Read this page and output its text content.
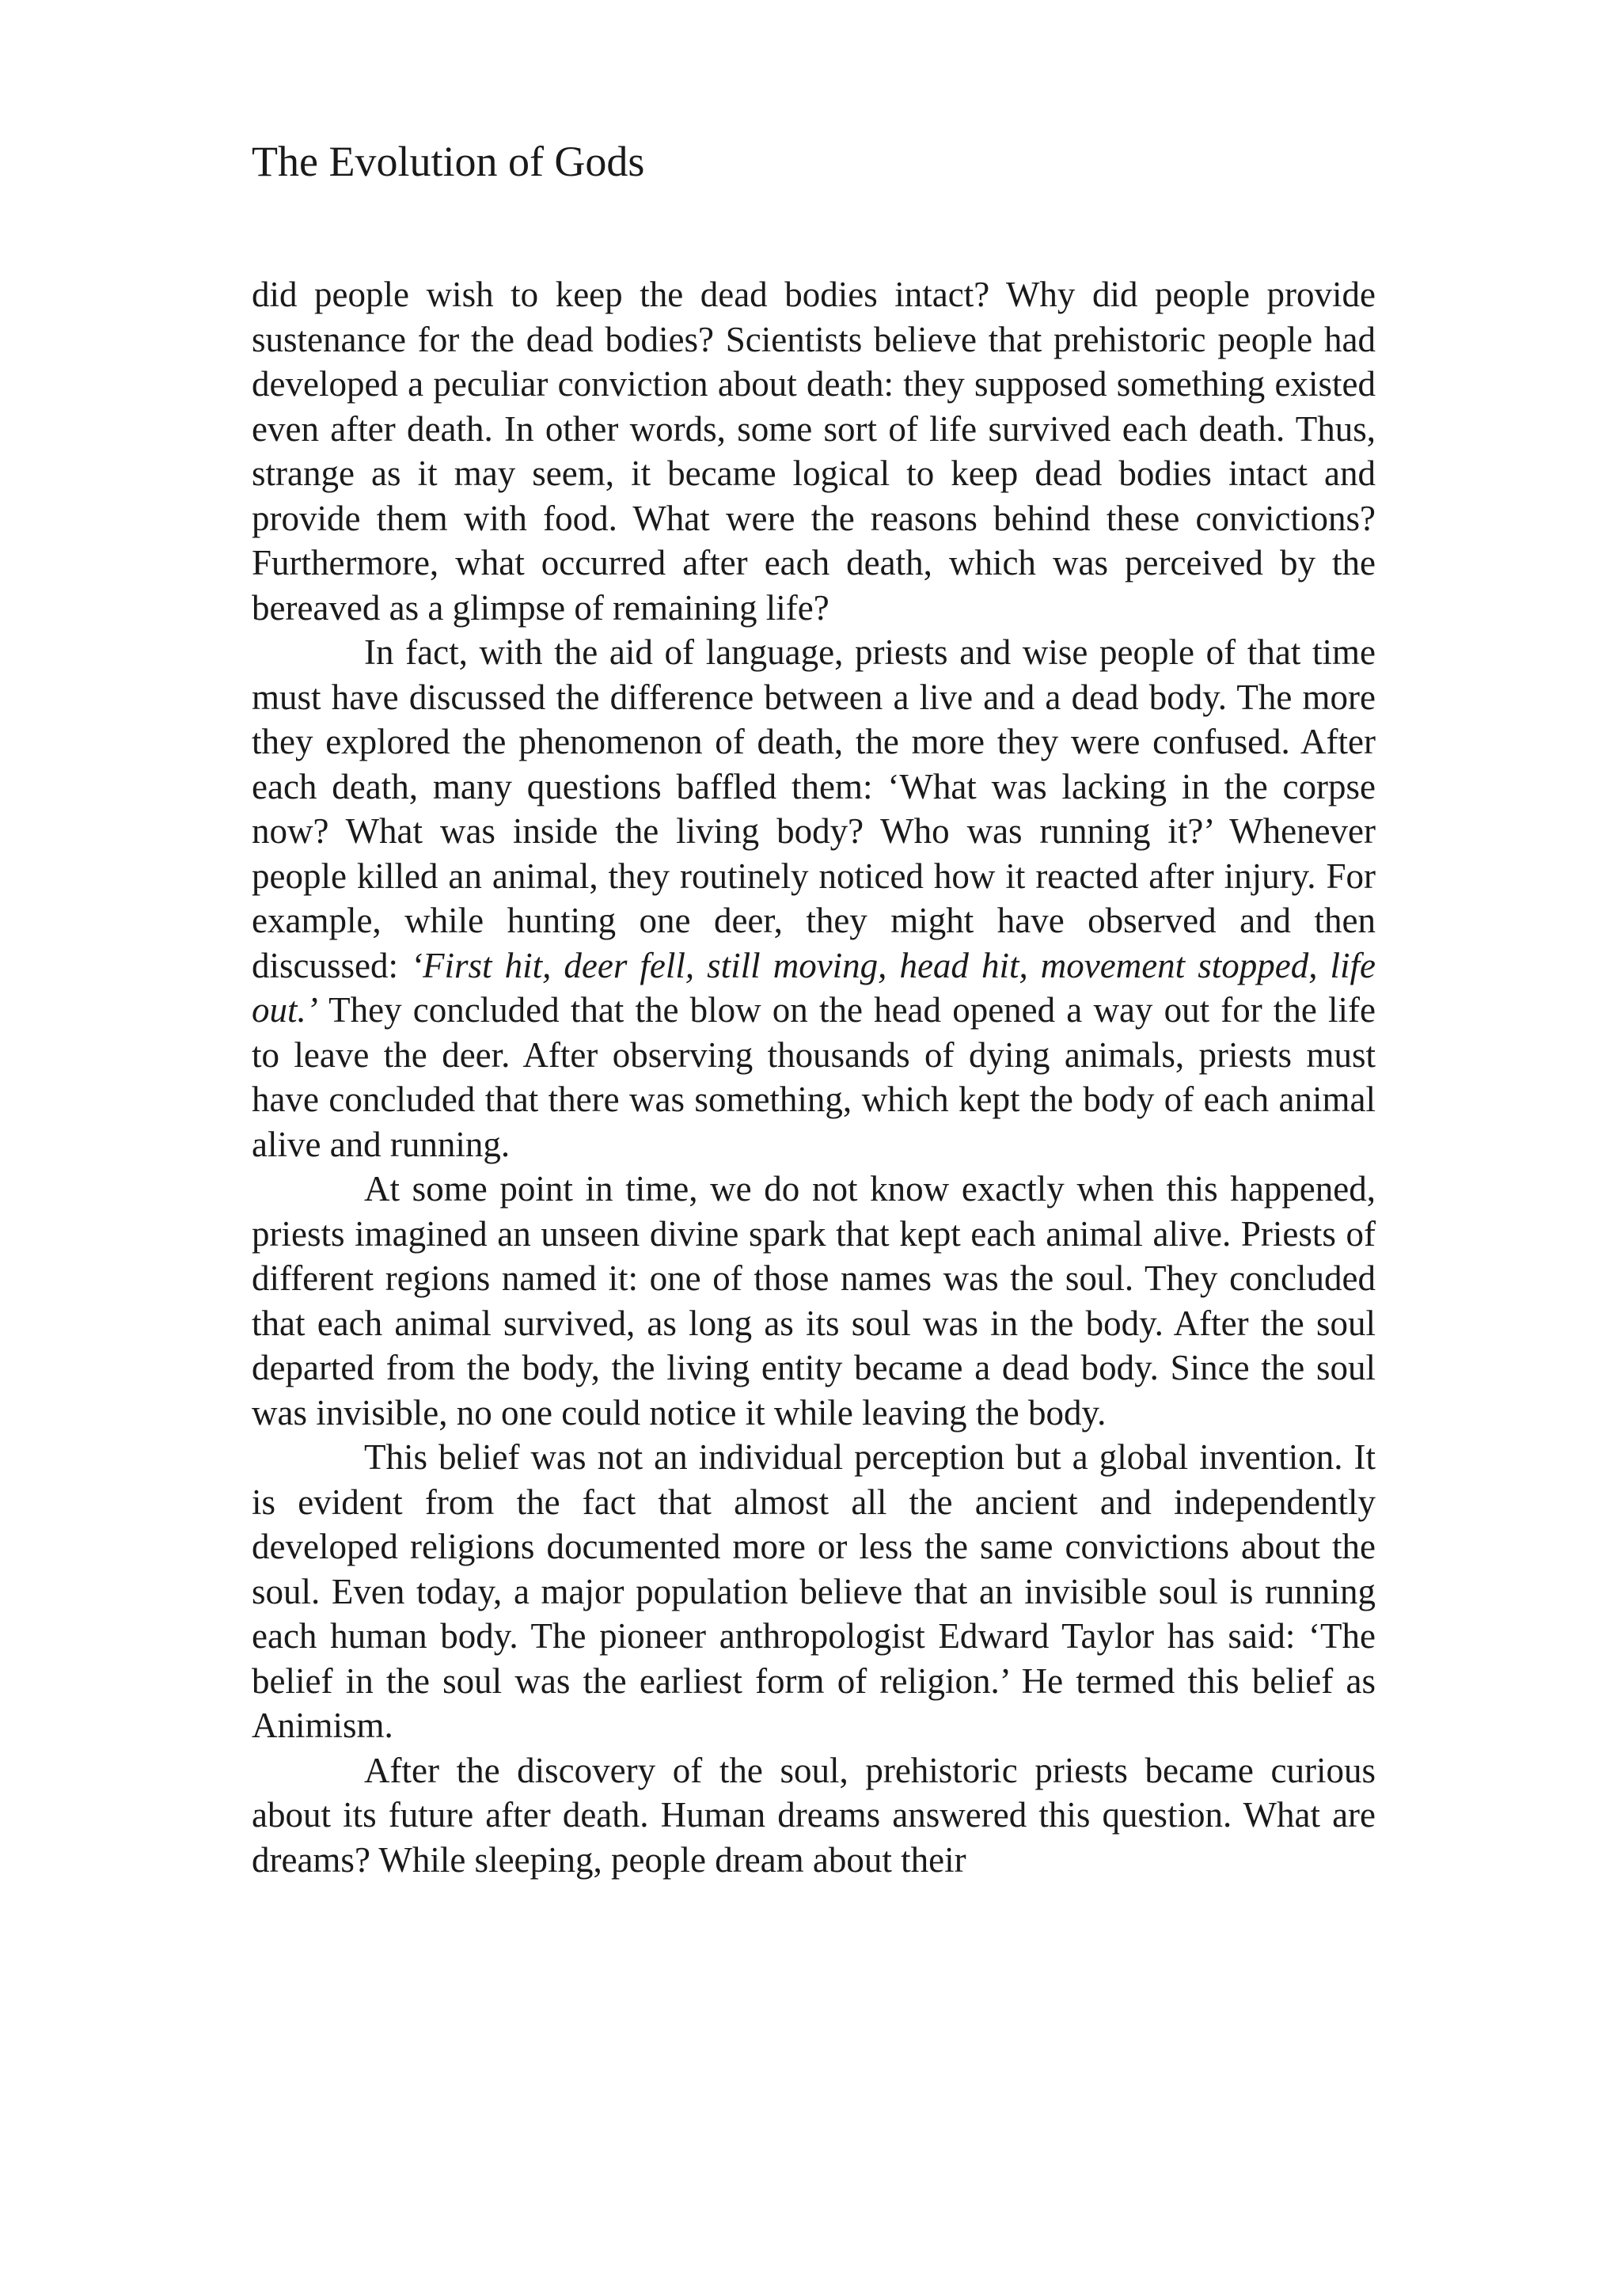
The Evolution of Gods

did people wish to keep the dead bodies intact? Why did people provide sustenance for the dead bodies? Scientists believe that prehistoric people had developed a peculiar conviction about death: they supposed something existed even after death. In other words, some sort of life survived each death. Thus, strange as it may seem, it became logical to keep dead bodies intact and provide them with food. What were the reasons behind these convictions? Furthermore, what occurred after each death, which was perceived by the bereaved as a glimpse of remaining life?

In fact, with the aid of language, priests and wise people of that time must have discussed the difference between a live and a dead body. The more they explored the phenomenon of death, the more they were confused. After each death, many questions baffled them: ‘What was lacking in the corpse now? What was inside the living body? Who was running it?’ Whenever people killed an animal, they routinely noticed how it reacted after injury. For example, while hunting one deer, they might have observed and then discussed: ‘First hit, deer fell, still moving, head hit, movement stopped, life out.’ They concluded that the blow on the head opened a way out for the life to leave the deer. After observing thousands of dying animals, priests must have concluded that there was something, which kept the body of each animal alive and running.

At some point in time, we do not know exactly when this happened, priests imagined an unseen divine spark that kept each animal alive. Priests of different regions named it: one of those names was the soul. They concluded that each animal survived, as long as its soul was in the body. After the soul departed from the body, the living entity became a dead body. Since the soul was invisible, no one could notice it while leaving the body.

This belief was not an individual perception but a global invention. It is evident from the fact that almost all the ancient and independently developed religions documented more or less the same convictions about the soul. Even today, a major population believe that an invisible soul is running each human body. The pioneer anthropologist Edward Taylor has said: ‘The belief in the soul was the earliest form of religion.’ He termed this belief as Animism.

After the discovery of the soul, prehistoric priests became curious about its future after death. Human dreams answered this question. What are dreams? While sleeping, people dream about their
